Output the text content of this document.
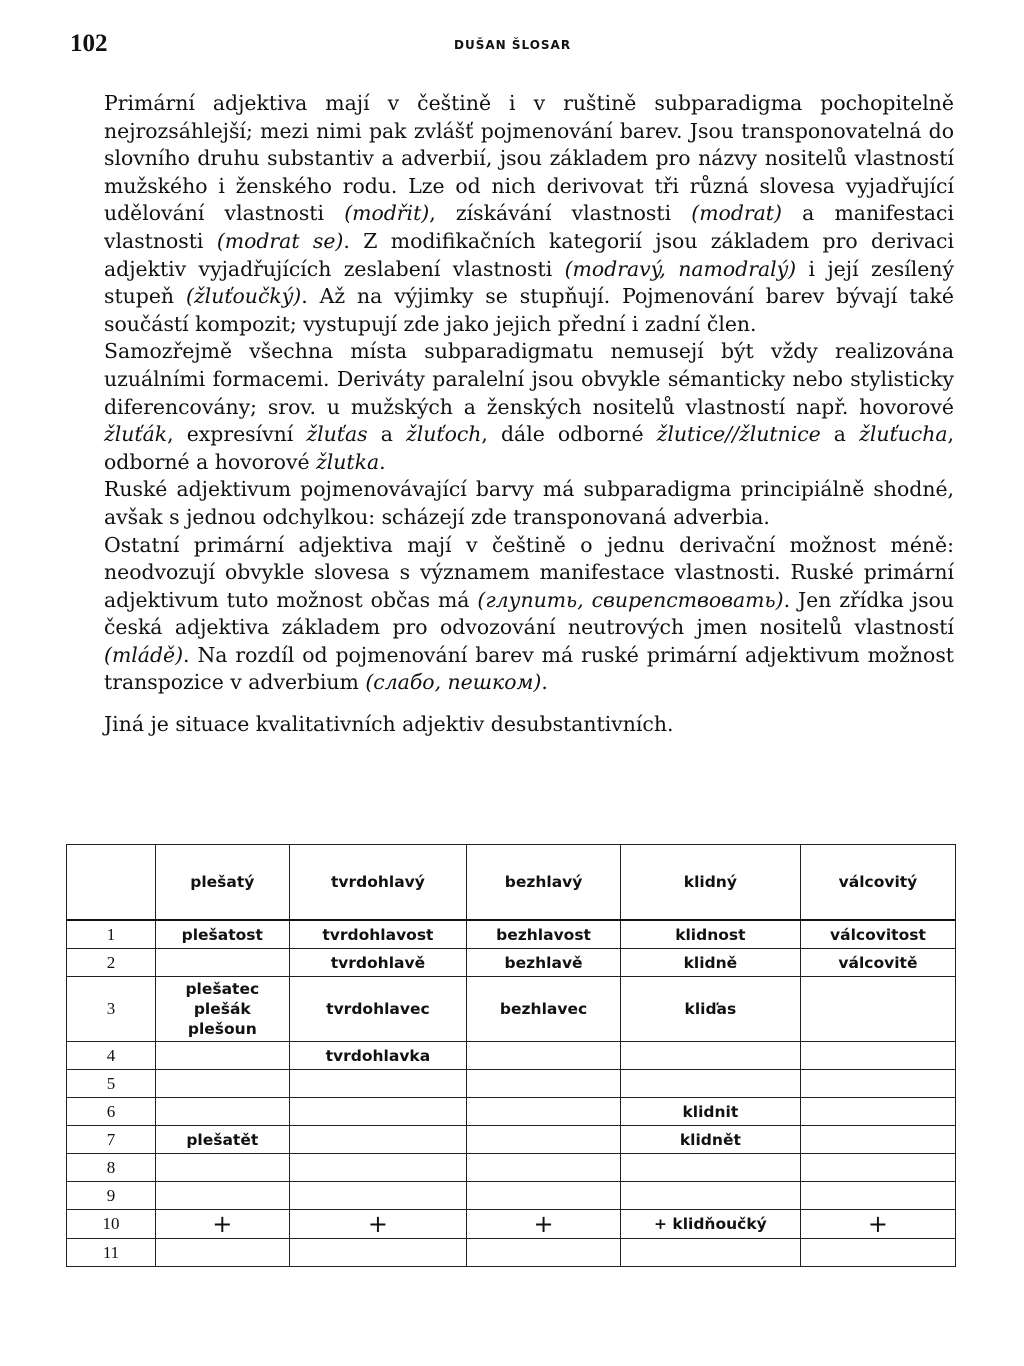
102	DUŠAN ŠLOSAR

Primární adjektiva mají v češtině i v ruštině subparadigma pochopitelně nejrozsáhlejší; mezi nimi pak zvlášť pojmenování barev. Jsou transponovatelná do slovního druhu substantiv a adverbií, jsou základem pro názvy nositelů vlastností mužského i ženského rodu. Lze od nich derivovat tři různá slovesa vyjadřující udělování vlastnosti (modřit), získávání vlastnosti (modrat) a manifestaci vlastnosti (modrat se). Z modifikačních kategorií jsou základem pro derivaci adjektiv vyjadřujících zeslabení vlastnosti (modravý, namodralý) i její zesílený stupeň (žluťoučký). Až na výjimky se stupňují. Pojmenování barev bývají také součástí kompozit; vystupují zde jako jejich přední i zadní člen.

Samozřejmě všechna místa subparadigmatu nemusejí být vždy realizována uzuálními formacemi. Deriváty paralelní jsou obvykle sémanticky nebo stylisticky diferencovány; srov. u mužských a ženských nositelů vlastností např. hovorové žluťák, expresívní žluťas a žluťoch, dále odborné žlutice//žlutnice a žluťucha, odborné a hovorové žlutka.

Ruské adjektivum pojmenovávající barvy má subparadigma principiálně shodné, avšak s jednou odchylkou: scházejí zde transponovaná adverbia.

Ostatní primární adjektiva mají v češtině o jednu derivační možnost méně: neodvozují obvykle slovesa s významem manifestace vlastnosti. Ruské primární adjektivum tuto možnost občas má (глупить, свирепствовать). Jen zřídka jsou česká adjektiva základem pro odvozování neutrových jmen nositelů vlastností (mládě). Na rozdíl od pojmenování barev má ruské primární adjektivum možnost transpozice v adverbium (слабо, пешком).

Jiná je situace kvalitativních adjektiv desubstantivních.

	plešatý	tvrdohlavý	bezhlavý	klidný	válcovitý
1	plešatost	tvrdohlavost	bezhlavost	klidnost	válcovitost
2		tvrdohlavě	bezhlavě	klidně	válcovitě
3	plešatec
plešák
plešoun	tvrdohlavec	bezhlavec	kliďas	
4		tvrdohlavka			
5					
6				klidnit	
7	plešatět			klidnět	
8					
9					
10	+	+	+	+ klidňoučký	+
11					
